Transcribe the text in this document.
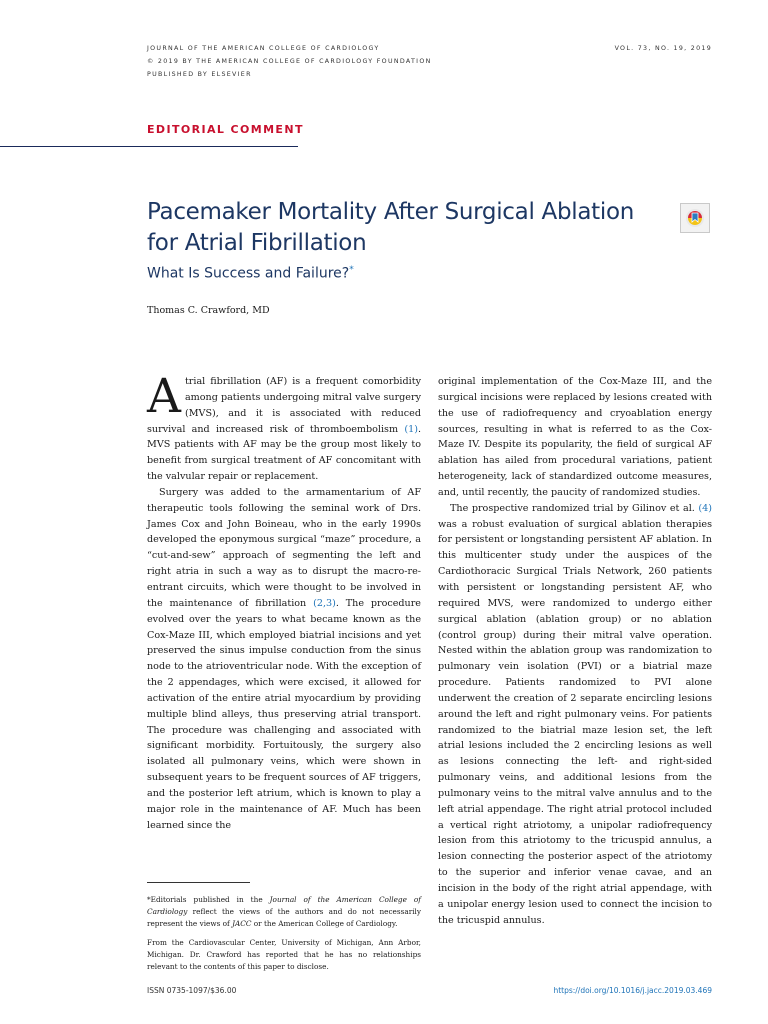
JOURNAL OF THE AMERICAN COLLEGE OF CARDIOLOGY
© 2019 BY THE AMERICAN COLLEGE OF CARDIOLOGY FOUNDATION
PUBLISHED BY ELSEVIER
VOL. 73, NO. 19, 2019
EDITORIAL COMMENT
Pacemaker Mortality After Surgical Ablation for Atrial Fibrillation
What Is Success and Failure?*
Thomas C. Crawford, MD

Atrial fibrillation (AF) is a frequent comorbidity among patients undergoing mitral valve surgery (MVS), and it is associated with reduced survival and increased risk of thromboembolism (1). MVS patients with AF may be the group most likely to benefit from surgical treatment of AF concomitant with the valvular repair or replacement.

Surgery was added to the armamentarium of AF therapeutic tools following the seminal work of Drs. James Cox and John Boineau, who in the early 1990s developed the eponymous surgical “maze” procedure, a “cut-and-sew” approach of segmenting the left and right atria in such a way as to disrupt the macro-re-entrant circuits, which were thought to be involved in the maintenance of fibrillation (2,3). The procedure evolved over the years to what became known as the Cox-Maze III, which employed biatrial incisions and yet preserved the sinus impulse conduction from the sinus node to the atrioventricular node. With the exception of the 2 appendages, which were excised, it allowed for activation of the entire atrial myocardium by providing multiple blind alleys, thus preserving atrial transport. The procedure was challenging and associated with significant morbidity. Fortuitously, the surgery also isolated all pulmonary veins, which were shown in subsequent years to be frequent sources of AF triggers, and the posterior left atrium, which is known to play a major role in the maintenance of AF. Much has been learned since the

original implementation of the Cox-Maze III, and the surgical incisions were replaced by lesions created with the use of radiofrequency and cryoablation energy sources, resulting in what is referred to as the Cox-Maze IV. Despite its popularity, the field of surgical AF ablation has ailed from procedural variations, patient heterogeneity, lack of standardized outcome measures, and, until recently, the paucity of randomized studies.

The prospective randomized trial by Gilinov et al. (4) was a robust evaluation of surgical ablation therapies for persistent or longstanding persistent AF ablation. In this multicenter study under the auspices of the Cardiothoracic Surgical Trials Network, 260 patients with persistent or longstanding persistent AF, who required MVS, were randomized to undergo either surgical ablation (ablation group) or no ablation (control group) during their mitral valve operation. Nested within the ablation group was randomization to pulmonary vein isolation (PVI) or a biatrial maze procedure. Patients randomized to PVI alone underwent the creation of 2 separate encircling lesions around the left and right pulmonary veins. For patients randomized to the biatrial maze lesion set, the left atrial lesions included the 2 encircling lesions as well as lesions connecting the left- and right-sided pulmonary veins, and additional lesions from the pulmonary veins to the mitral valve annulus and to the left atrial appendage. The right atrial protocol included a vertical right atriotomy, a unipolar radiofrequency lesion from this atriotomy to the tricuspid annulus, a lesion connecting the posterior aspect of the atriotomy to the superior and inferior venae cavae, and an incision in the body of the right atrial appendage, with a unipolar energy lesion used to connect the incision to the tricuspid annulus.

*Editorials published in the Journal of the American College of Cardiology reflect the views of the authors and do not necessarily represent the views of JACC or the American College of Cardiology.

From the Cardiovascular Center, University of Michigan, Ann Arbor, Michigan. Dr. Crawford has reported that he has no relationships relevant to the contents of this paper to disclose.

ISSN 0735-1097/$36.00	https://doi.org/10.1016/j.jacc.2019.03.469
